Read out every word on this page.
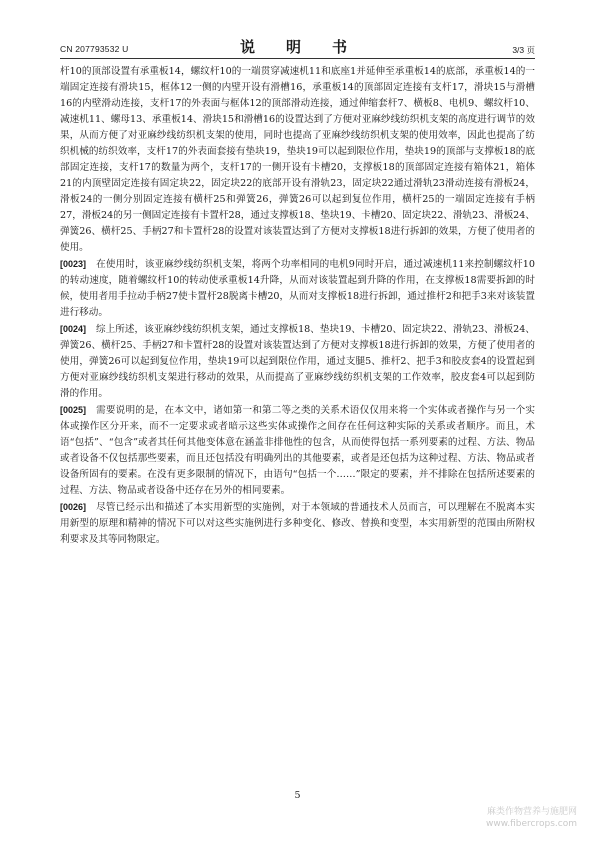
CN 207793532 U	说　明　书	3/3 页

杆10的顶部设置有承重板14，螺纹杆10的一端贯穿减速机11和底座1并延伸至承重板14的底部，承重板14的一端固定连接有滑块15，框体12一侧的内壁开设有滑槽16，承重板14的顶部固定连接有支杆17，滑块15与滑槽16的内壁滑动连接，支杆17的外表面与框体12的顶部滑动连接，通过伸缩套杆7、横板8、电机9、螺纹杆10、减速机11、螺母13、承重板14、滑块15和滑槽16的设置达到了方便对亚麻纱线纺织机支架的高度进行调节的效果，从而方便了对亚麻纱线纺织机支架的使用，同时也提高了亚麻纱线纺织机支架的使用效率，因此也提高了纺织机械的纺织效率，支杆17的外表面套接有垫块19，垫块19可以起到限位作用，垫块19的顶部与支撑板18的底部固定连接，支杆17的数量为两个，支杆17的一侧开设有卡槽20，支撑板18的顶部固定连接有箱体21，箱体21的内顶壁固定连接有固定块22，固定块22的底部开设有滑轨23，固定块22通过滑轨23滑动连接有滑板24，滑板24的一侧分别固定连接有横杆25和弹簧26，弹簧26可以起到复位作用，横杆25的一端固定连接有手柄27，滑板24的另一侧固定连接有卡置杆28，通过支撑板18、垫块19、卡槽20、固定块22、滑轨23、滑板24、弹簧26、横杆25、手柄27和卡置杆28的设置对该装置达到了方便对支撑板18进行拆卸的效果，方便了使用者的使用。

[0023] 在使用时，该亚麻纱线纺织机支架，将两个功率相同的电机9同时开启，通过减速机11来控制螺纹杆10的转动速度，随着螺纹杆10的转动使承重板14升降，从而对该装置起到升降的作用，在支撑板18需要拆卸的时候，使用者用手拉动手柄27使卡置杆28脱离卡槽20，从而对支撑板18进行拆卸，通过推杆2和把手3来对该装置进行移动。

[0024] 综上所述，该亚麻纱线纺织机支架，通过支撑板18、垫块19、卡槽20、固定块22、滑轨23、滑板24、弹簧26、横杆25、手柄27和卡置杆28的设置对该装置达到了方便对支撑板18进行拆卸的效果，方便了使用者的使用，弹簧26可以起到复位作用，垫块19可以起到限位作用，通过支腿5、推杆2、把手3和胶皮套4的设置起到方便对亚麻纱线纺织机支架进行移动的效果，从而提高了亚麻纱线纺织机支架的工作效率，胶皮套4可以起到防滑的作用。

[0025] 需要说明的是，在本文中，诸如第一和第二等之类的关系术语仅仅用来将一个实体或者操作与另一个实体或操作区分开来，而不一定要求或者暗示这些实体或操作之间存在任何这种实际的关系或者顺序。而且，术语“包括”、“包含”或者其任何其他变体意在涵盖非排他性的包含，从而使得包括一系列要素的过程、方法、物品或者设备不仅包括那些要素，而且还包括没有明确列出的其他要素，或者是还包括为这种过程、方法、物品或者设备所固有的要素。在没有更多限制的情况下，由语句“包括一个……”限定的要素，并不排除在包括所述要素的过程、方法、物品或者设备中还存在另外的相同要素。

[0026] 尽管已经示出和描述了本实用新型的实施例，对于本领域的普通技术人员而言，可以理解在不脱离本实用新型的原理和精神的情况下可以对这些实施例进行多种变化、修改、替换和变型，本实用新型的范围由所附权利要求及其等同物限定。

5
麻类作物营养与施肥网
www.fibercrops.com
